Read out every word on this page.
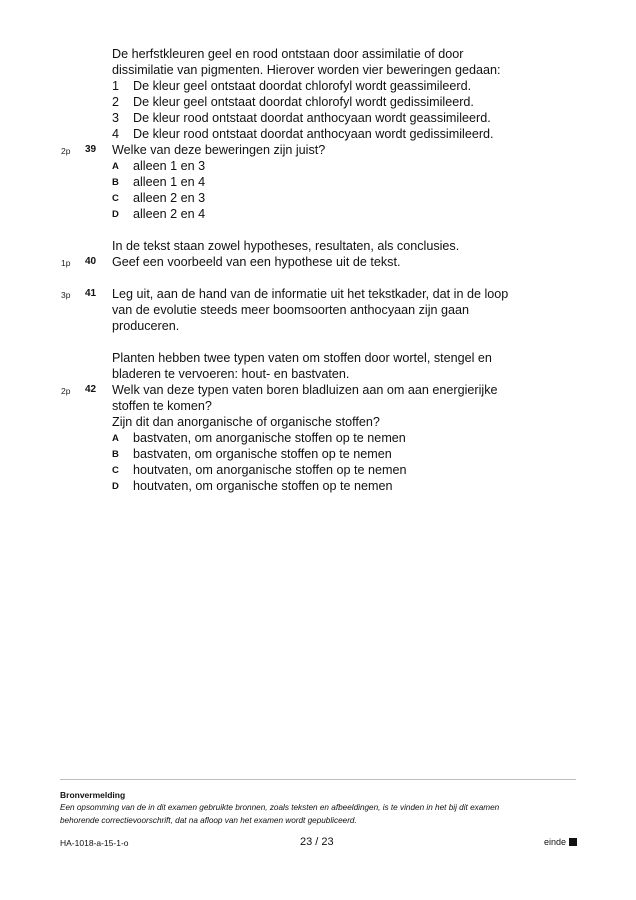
De herfstkleuren geel en rood ontstaan door assimilatie of door
dissimilatie van pigmenten. Hierover worden vier beweringen gedaan:
1	De kleur geel ontstaat doordat chlorofyl wordt geassimileerd.
2	De kleur geel ontstaat doordat chlorofyl wordt gedissimileerd.
3	De kleur rood ontstaat doordat anthocyaan wordt geassimileerd.
4	De kleur rood ontstaat doordat anthocyaan wordt gedissimileerd.
2p 39 Welke van deze beweringen zijn juist?
A alleen 1 en 3
B alleen 1 en 4
C alleen 2 en 3
D alleen 2 en 4
In de tekst staan zowel hypotheses, resultaten, als conclusies.
1p 40 Geef een voorbeeld van een hypothese uit de tekst.
3p 41 Leg uit, aan de hand van de informatie uit het tekstkader, dat in de loop
van de evolutie steeds meer boomsoorten anthocyaan zijn gaan
produceren.
Planten hebben twee typen vaten om stoffen door wortel, stengel en
bladeren te vervoeren: hout- en bastvaten.
2p 42 Welk van deze typen vaten boren bladluizen aan om aan energierijke
stoffen te komen?
Zijn dit dan anorganische of organische stoffen?
A bastvaten, om anorganische stoffen op te nemen
B bastvaten, om organische stoffen op te nemen
C houtvaten, om anorganische stoffen op te nemen
D houtvaten, om organische stoffen op te nemen
Bronvermelding
Een opsomming van de in dit examen gebruikte bronnen, zoals teksten en afbeeldingen, is te vinden in het bij dit examen
behorende correctievoorschrift, dat na afloop van het examen wordt gepubliceerd.
HA-1018-a-15-1-o	23 / 23	einde
